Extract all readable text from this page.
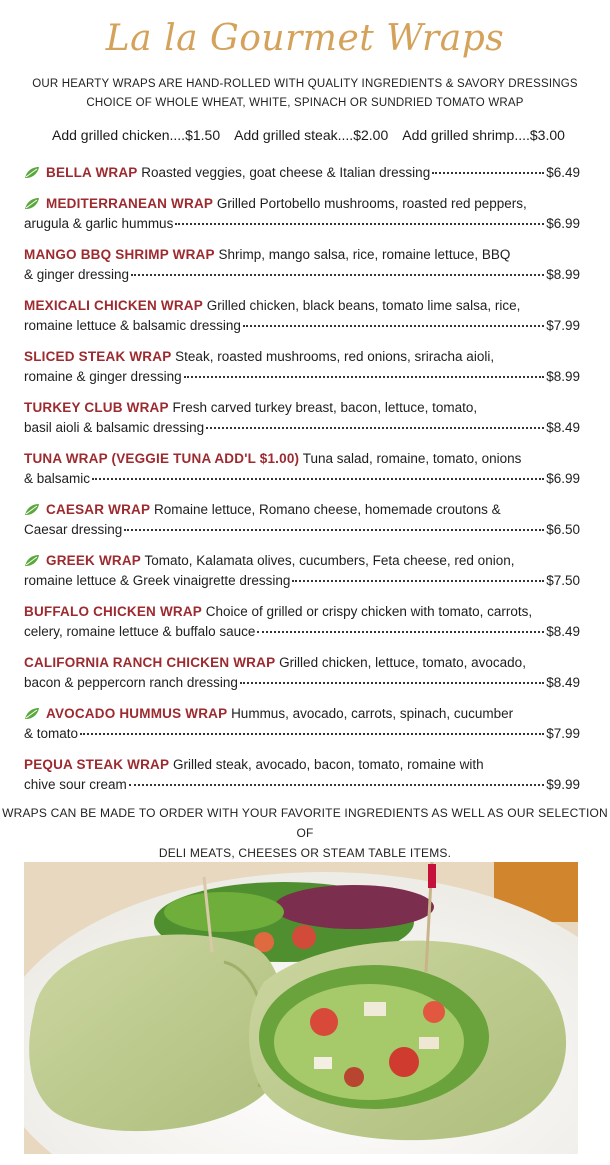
La la Gourmet Wraps
OUR HEARTY WRAPS ARE HAND-ROLLED WITH QUALITY INGREDIENTS & SAVORY DRESSINGS
CHOICE OF WHOLE WHEAT, WHITE, SPINACH OR SUNDRIED TOMATO WRAP
Add grilled chicken....$1.50 Add grilled steak....$2.00 Add grilled shrimp....$3.00
BELLA WRAP Roasted veggies, goat cheese & Italian dressing	$6.49
MEDITERRANEAN WRAP Grilled Portobello mushrooms, roasted red peppers,
arugula & garlic hummus	$6.99
MANGO BBQ SHRIMP WRAP Shrimp, mango salsa, rice, romaine lettuce, BBQ
& ginger dressing	$8.99
MEXICALI CHICKEN WRAP Grilled chicken, black beans, tomato lime salsa, rice,
romaine lettuce & balsamic dressing	$7.99
SLICED STEAK WRAP Steak, roasted mushrooms, red onions, sriracha aioli,
romaine & ginger dressing	$8.99
TURKEY CLUB WRAP Fresh carved turkey breast, bacon, lettuce, tomato,
basil aioli & balsamic dressing	$8.49
TUNA WRAP (VEGGIE TUNA ADD'L $1.00) Tuna salad, romaine, tomato, onions
& balsamic	$6.99
CAESAR WRAP Romaine lettuce, Romano cheese, homemade croutons &
Caesar dressing	$6.50
GREEK WRAP Tomato, Kalamata olives, cucumbers, Feta cheese, red onion,
romaine lettuce & Greek vinaigrette dressing	$7.50
BUFFALO CHICKEN WRAP Choice of grilled or crispy chicken with tomato, carrots,
celery, romaine lettuce & buffalo sauce	$8.49
CALIFORNIA RANCH CHICKEN WRAP Grilled chicken, lettuce, tomato, avocado,
bacon & peppercorn ranch dressing	$8.49
AVOCADO HUMMUS WRAP Hummus, avocado, carrots, spinach, cucumber
& tomato	$7.99
PEQUA STEAK WRAP Grilled steak, avocado, bacon, tomato, romaine with
chive sour cream	$9.99
WRAPS CAN BE MADE TO ORDER WITH YOUR FAVORITE INGREDIENTS AS WELL AS OUR SELECTION OF
DELI MEATS, CHEESES OR STEAM TABLE ITEMS.
